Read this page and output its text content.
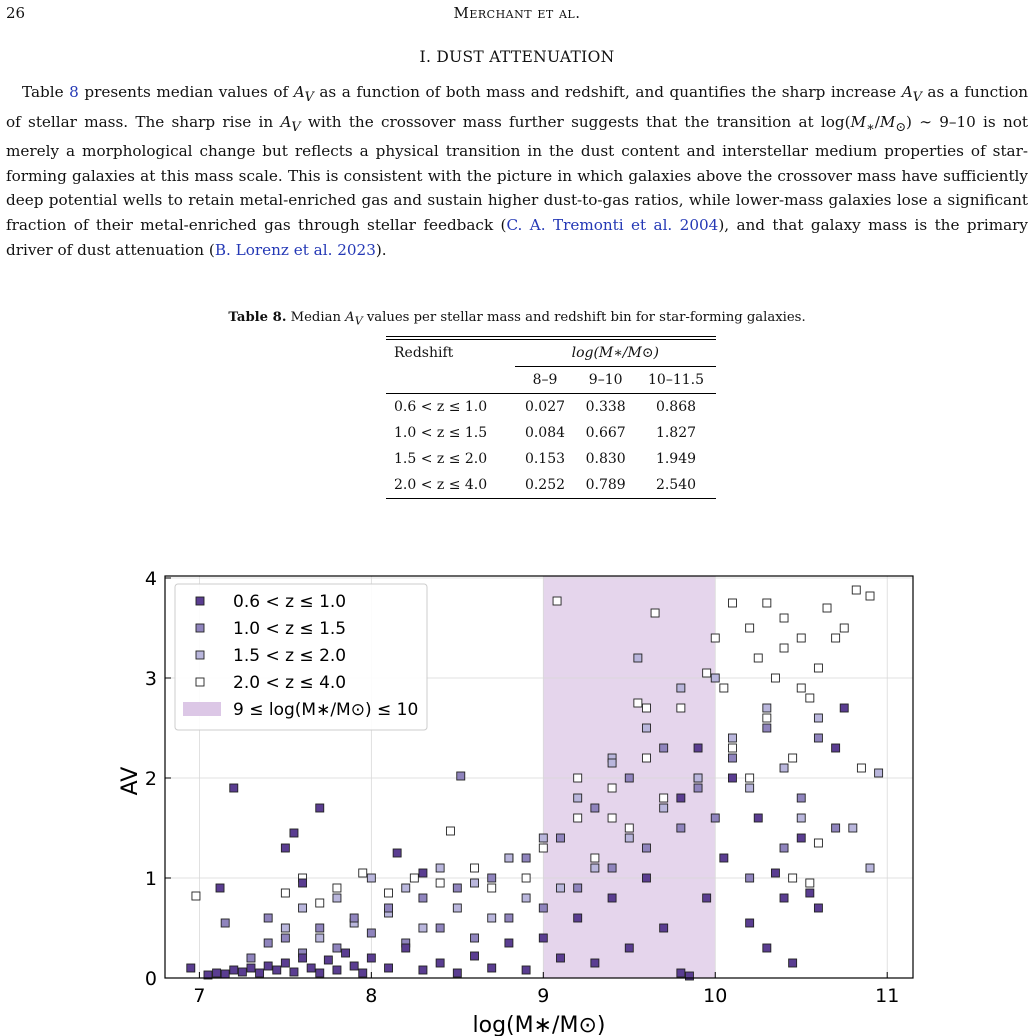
26	Merchant et al.
I. DUST ATTENUATION
Table 8 presents median values of $A_V$ as a function of both mass and redshift, and quantifies the sharp increase $A_V$ as a function of stellar mass. The sharp rise in $A_V$ with the crossover mass further suggests that the transition at $\log(M_∗/M_⊙)$ ∼ 9–10 is not merely a morphological change but reflects a physical transition in the dust content and interstellar medium properties of star-forming galaxies at this mass scale. This is consistent with the picture in which galaxies above the crossover mass have sufficiently deep potential wells to retain metal-enriched gas and sustain higher dust-to-gas ratios, while lower-mass galaxies lose a significant fraction of their metal-enriched gas through stellar feedback (C. A. Tremonti et al. 2004), and that galaxy mass is the primary driver of dust attenuation (B. Lorenz et al. 2023).
Table 8. Median $A_V$ values per stellar mass and redshift bin for star-forming galaxies.
Redshift	log(M∗/M⊙)		
	8–9	9–10	10–11.5
0.6 < z ≤ 1.0	0.027	0.338	0.868
1.0 < z ≤ 1.5	0.084	0.667	1.827
1.5 < z ≤ 2.0	0.153	0.830	1.949
2.0 < z ≤ 4.0	0.252	0.789	2.540
7	8	9	10	11
0
1
2
3
4
log(M∗/M⊙)
AV
0.6 < z ≤ 1.0
1.0 < z ≤ 1.5
1.5 < z ≤ 2.0
2.0 < z ≤ 4.0
9 ≤ log(M∗/M⊙) ≤ 10
